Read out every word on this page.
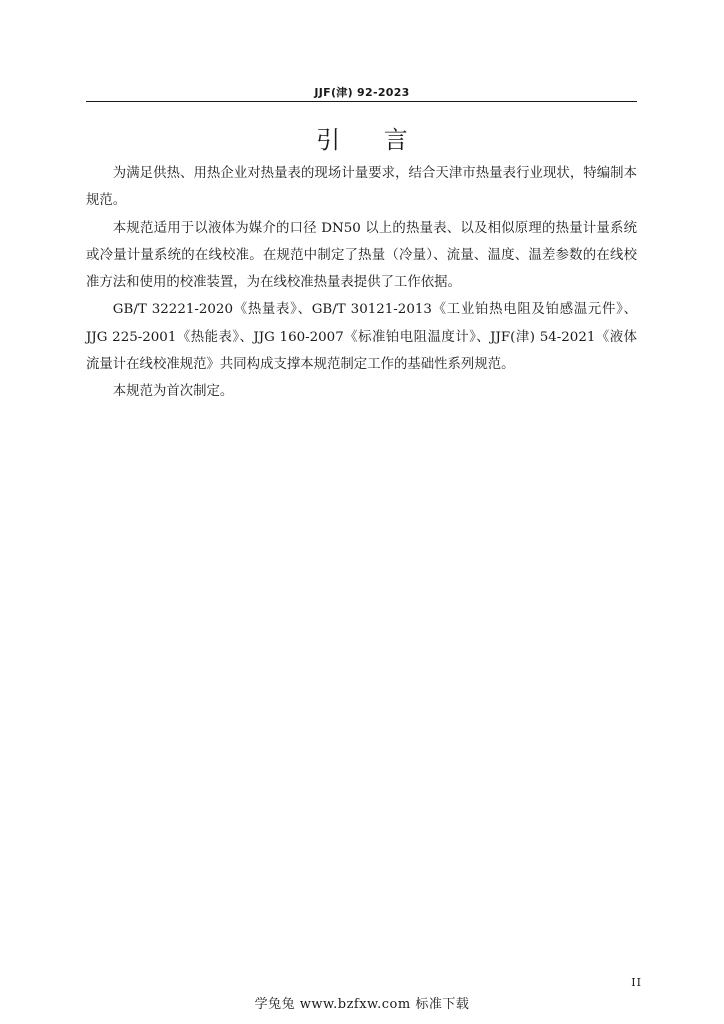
JJF(津) 92-2023
引 言

为满足供热、用热企业对热量表的现场计量要求，结合天津市热量表行业现状，特编制本规范。

本规范适用于以液体为媒介的口径 DN50 以上的热量表、以及相似原理的热量计量系统或冷量计量系统的在线校准。在规范中制定了热量（冷量）、流量、温度、温差参数的在线校准方法和使用的校准装置，为在线校准热量表提供了工作依据。

GB/T 32221-2020《热量表》、GB/T 30121-2013《工业铂热电阻及铂感温元件》、JJG 225-2001《热能表》、JJG 160-2007《标准铂电阻温度计》、JJF(津) 54-2021《液体流量计在线校准规范》共同构成支撑本规范制定工作的基础性系列规范。

本规范为首次制定。

II
学兔兔 www.bzfxw.com 标准下载
